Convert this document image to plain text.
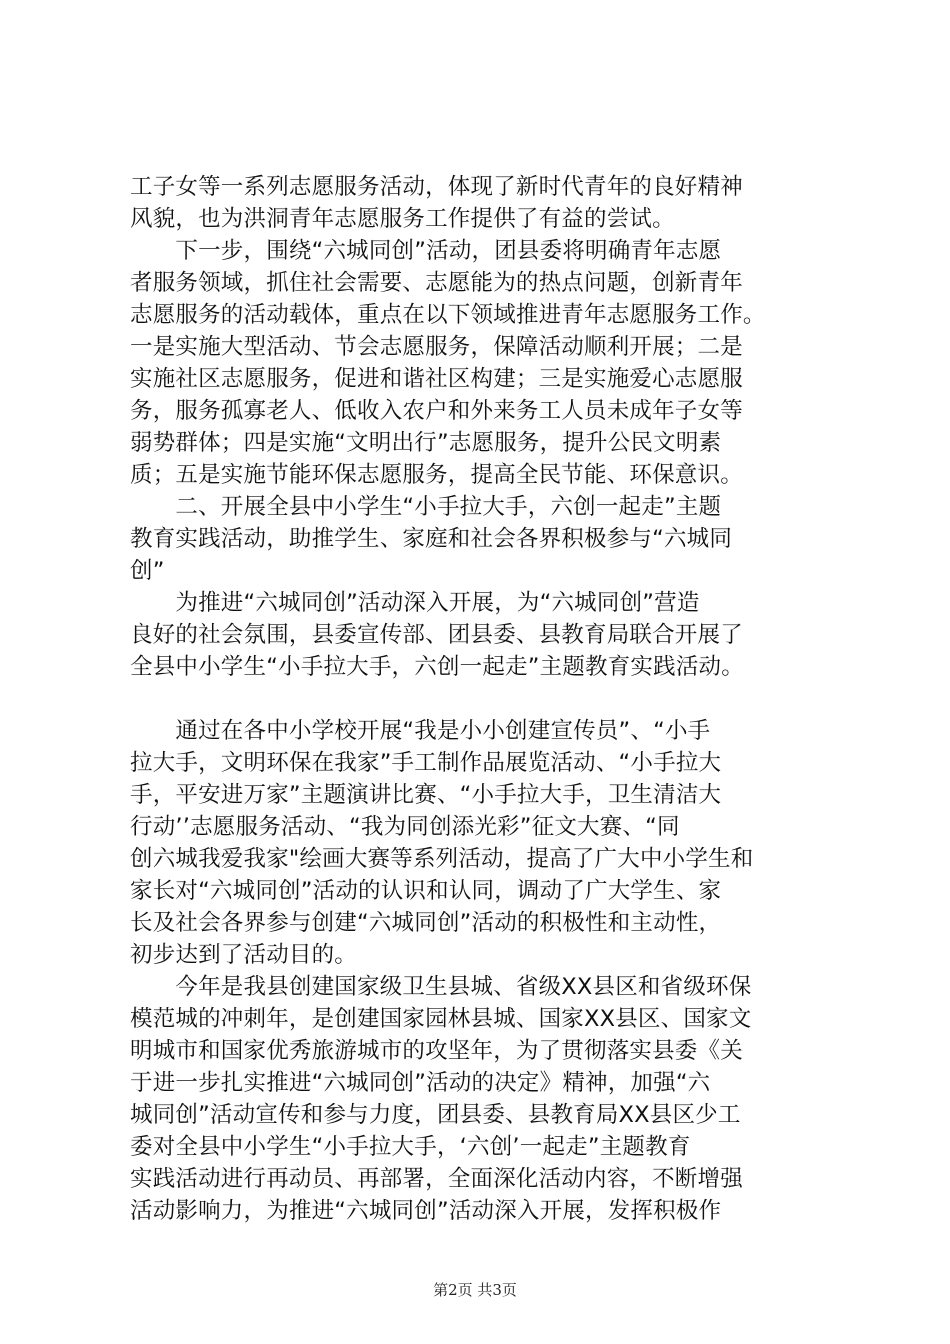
工子女等一系列志愿服务活动，体现了新时代青年的良好精神
风貌，也为洪洞青年志愿服务工作提供了有益的尝试。
　　下一步，围绕“六城同创”活动，团县委将明确青年志愿
者服务领域，抓住社会需要、志愿能为的热点问题，创新青年
志愿服务的活动载体，重点在以下领域推进青年志愿服务工作。
一是实施大型活动、节会志愿服务，保障活动顺利开展；二是
实施社区志愿服务，促进和谐社区构建；三是实施爱心志愿服
务，服务孤寡老人、低收入农户和外来务工人员未成年子女等
弱势群体；四是实施“文明出行”志愿服务，提升公民文明素
质；五是实施节能环保志愿服务，提高全民节能、环保意识。
　　二、开展全县中小学生“小手拉大手，六创一起走”主题
教育实践活动，助推学生、家庭和社会各界积极参与“六城同
创”
　　为推进“六城同创”活动深入开展，为“六城同创”营造
良好的社会氛围，县委宣传部、团县委、县教育局联合开展了
全县中小学生“小手拉大手，六创一起走”主题教育实践活动。
　　通过在各中小学校开展“我是小小创建宣传员”、“小手
拉大手，文明环保在我家”手工制作品展览活动、“小手拉大
手，平安进万家”主题演讲比赛、“小手拉大手，卫生清洁大
行动’’志愿服务活动、“我为同创添光彩”征文大赛、“同
创六城我爱我家"绘画大赛等系列活动，提高了广大中小学生和
家长对“六城同创”活动的认识和认同，调动了广大学生、家
长及社会各界参与创建“六城同创”活动的积极性和主动性，
初步达到了活动目的。
　　今年是我县创建国家级卫生县城、省级XX县区和省级环保
模范城的冲刺年，是创建国家园林县城、国家XX县区、国家文
明城市和国家优秀旅游城市的攻坚年，为了贯彻落实县委《关
于进一步扎实推进“六城同创”活动的决定》精神，加强“六
城同创”活动宣传和参与力度，团县委、县教育局XX县区少工
委对全县中小学生“小手拉大手，‘六创’一起走”主题教育
实践活动进行再动员、再部署，全面深化活动内容，不断增强
活动影响力，为推进“六城同创”活动深入开展，发挥积极作
第2页 共3页
